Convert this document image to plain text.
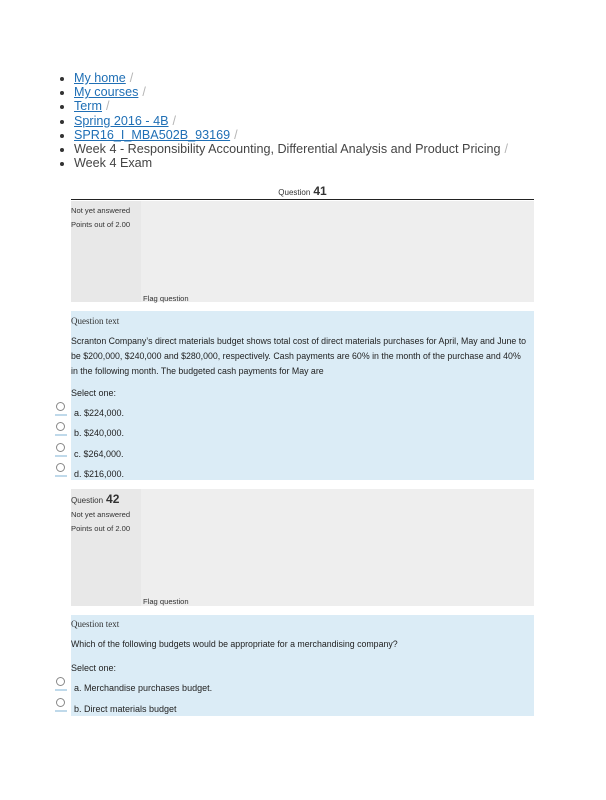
My home /
My courses /
Term /
Spring 2016 - 4B /
SPR16_I_MBA502B_93169 /
Week 4 - Responsibility Accounting, Differential Analysis and Product Pricing /
Week 4 Exam
Question 41
Not yet answered
Points out of 2.00
Flag question
Question text
Scranton Company’s direct materials budget shows total cost of direct materials purchases for April, May and June to be $200,000, $240,000 and $280,000, respectively. Cash payments are 60% in the month of the purchase and 40% in the following month. The budgeted cash payments for May are
Select one:
a. $224,000.
b. $240,000.
c. $264,000.
d. $216,000.
Question 42
Not yet answered
Points out of 2.00
Flag question
Question text
Which of the following budgets would be appropriate for a merchandising company?
Select one:
a. Merchandise purchases budget.
b. Direct materials budget
